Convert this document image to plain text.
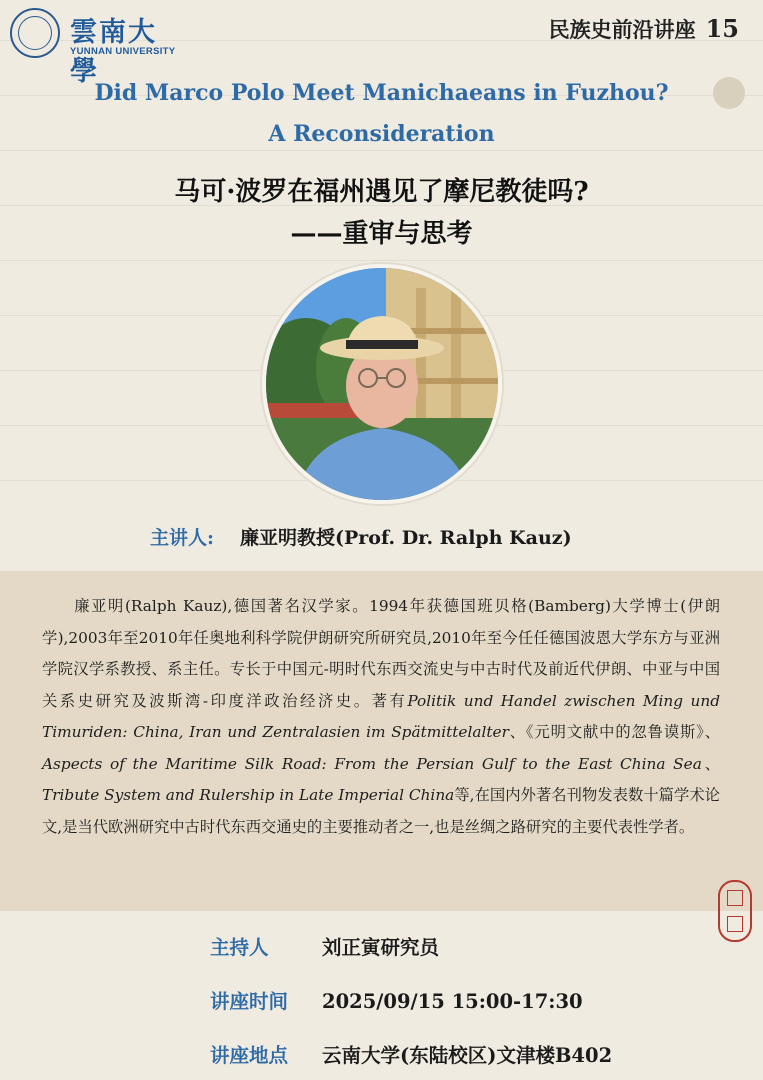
雲南大學
YUNNAN UNIVERSITY
民族史前沿讲座 15
Did Marco Polo Meet Manichaeans in Fuzhou?
A Reconsideration
马可·波罗在福州遇见了摩尼教徒吗?
——重审与思考
主讲人: 廉亚明教授(Prof. Dr. Ralph Kauz)
  廉亚明(Ralph Kauz),德国著名汉学家。1994年获德国班贝格(Bamberg)大学博士(伊朗学),2003年至2010年任奥地利科学院伊朗研究所研究员,2010年至今任任德国波恩大学东方与亚洲学院汉学系教授、系主任。专长于中国元-明时代东西交流史与中古时代及前近代伊朗、中亚与中国关系史研究及波斯湾-印度洋政治经济史。著有Politik und Handel zwischen Ming und Timuriden: China, Iran und Zentralasien im Spätmittelalter、《元明文献中的忽鲁谟斯》、Aspects of the Maritime Silk Road: From the Persian Gulf to the East China Sea、Tribute System and Rulership in Late Imperial China等,在国内外著名刊物发表数十篇学术论文,是当代欧洲研究中古时代东西交通史的主要推动者之一,也是丝绸之路研究的主要代表性学者。
主持人	刘正寅研究员
讲座时间 2025/09/15 15:00-17:30
讲座地点 云南大学(东陆校区)文津楼B402
